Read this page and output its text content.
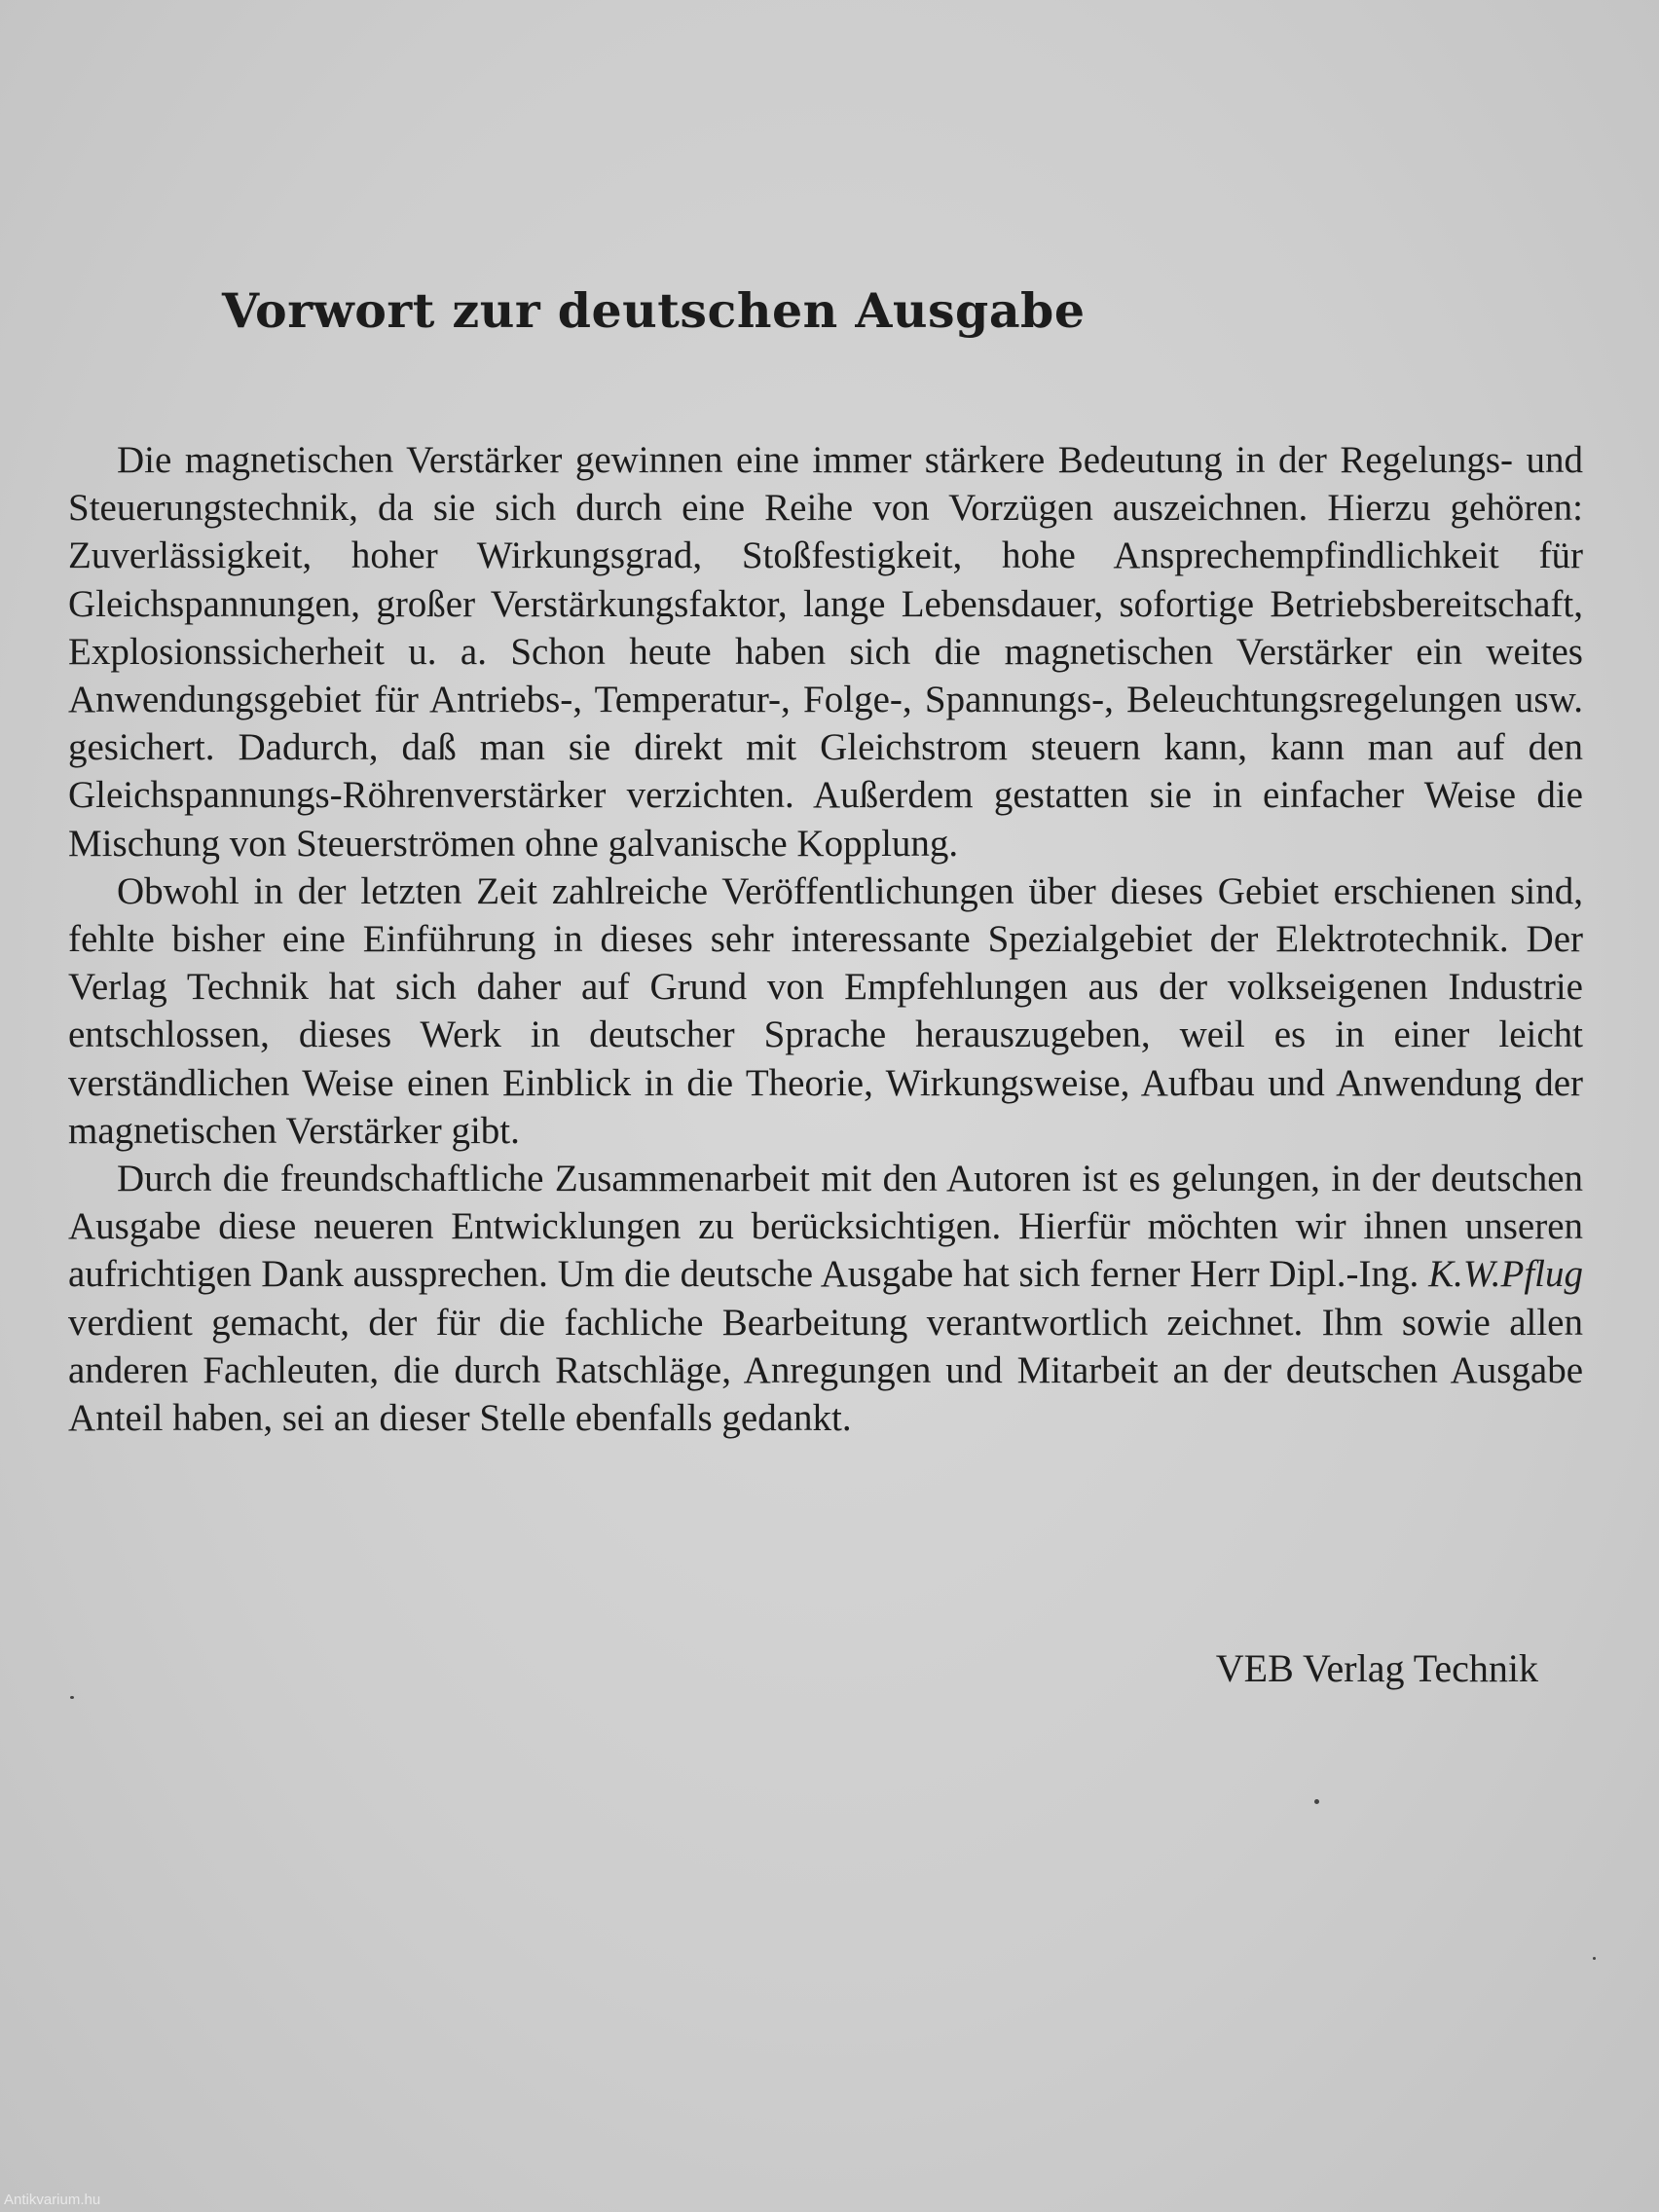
Vorwort zur deutschen Ausgabe

Die magnetischen Verstärker gewinnen eine immer stärkere Bedeutung in der Regelungs- und Steuerungstechnik, da sie sich durch eine Reihe von Vorzügen auszeichnen. Hierzu gehören: Zuverlässigkeit, hoher Wirkungsgrad, Stoßfestigkeit, hohe Ansprechempfindlichkeit für Gleichspannungen, großer Verstärkungsfaktor, lange Lebensdauer, sofortige Betriebsbereitschaft, Explosionssicherheit u. a. Schon heute haben sich die magnetischen Verstärker ein weites Anwendungsgebiet für Antriebs-, Temperatur-, Folge-, Spannungs-, Beleuchtungsregelungen usw. gesichert. Dadurch, daß man sie direkt mit Gleichstrom steuern kann, kann man auf den Gleichspannungs-Röhrenverstärker verzichten. Außerdem gestatten sie in einfacher Weise die Mischung von Steuerströmen ohne galvanische Kopplung.

Obwohl in der letzten Zeit zahlreiche Veröffentlichungen über dieses Gebiet erschienen sind, fehlte bisher eine Einführung in dieses sehr interessante Spezialgebiet der Elektrotechnik. Der Verlag Technik hat sich daher auf Grund von Empfehlungen aus der volkseigenen Industrie entschlossen, dieses Werk in deutscher Sprache herauszugeben, weil es in einer leicht verständlichen Weise einen Einblick in die Theorie, Wirkungsweise, Aufbau und Anwendung der magnetischen Verstärker gibt.

Durch die freundschaftliche Zusammenarbeit mit den Autoren ist es gelungen, in der deutschen Ausgabe diese neueren Entwicklungen zu berücksichtigen. Hierfür möchten wir ihnen unseren aufrichtigen Dank aussprechen. Um die deutsche Ausgabe hat sich ferner Herr Dipl.-Ing. K.W.Pflug verdient gemacht, der für die fachliche Bearbeitung verantwortlich zeichnet. Ihm sowie allen anderen Fachleuten, die durch Ratschläge, Anregungen und Mitarbeit an der deutschen Ausgabe Anteil haben, sei an dieser Stelle ebenfalls gedankt.

VEB Verlag Technik
Antikvarium.hu
